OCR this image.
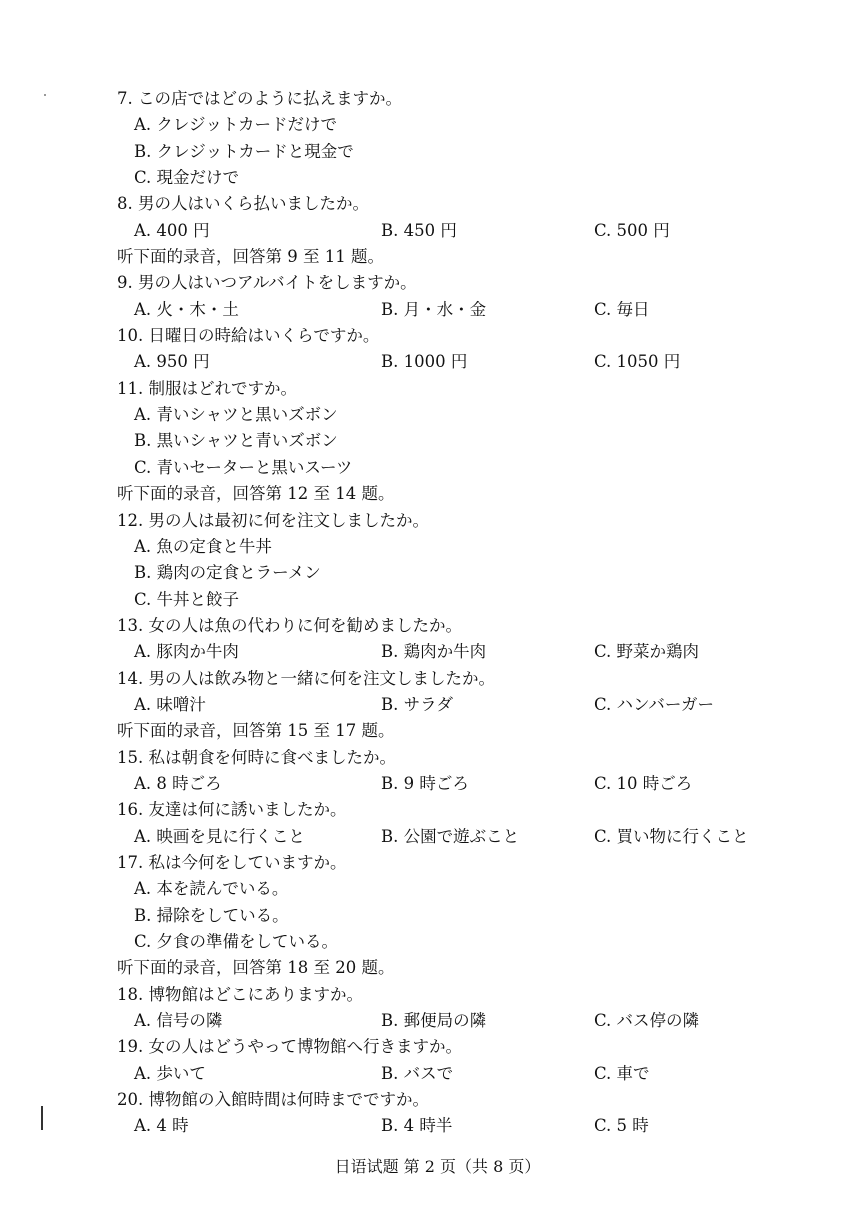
7. この店ではどのように払えますか。
A. クレジットカードだけで
B. クレジットカードと現金で
C. 現金だけで
8. 男の人はいくら払いましたか。
A. 400 円	B. 450 円	C. 500 円
听下面的录音，回答第 9 至 11 题。
9. 男の人はいつアルバイトをしますか。
A. 火・木・土	B. 月・水・金	C. 毎日
10. 日曜日の時給はいくらですか。
A. 950 円	B. 1000 円	C. 1050 円
11. 制服はどれですか。
A. 青いシャツと黒いズボン
B. 黒いシャツと青いズボン
C. 青いセーターと黒いスーツ
听下面的录音，回答第 12 至 14 题。
12. 男の人は最初に何を注文しましたか。
A. 魚の定食と牛丼
B. 鶏肉の定食とラーメン
C. 牛丼と餃子
13. 女の人は魚の代わりに何を勧めましたか。
A. 豚肉か牛肉	B. 鶏肉か牛肉	C. 野菜か鶏肉
14. 男の人は飲み物と一緒に何を注文しましたか。
A. 味噌汁	B. サラダ	C. ハンバーガー
听下面的录音，回答第 15 至 17 题。
15. 私は朝食を何時に食べましたか。
A. 8 時ごろ	B. 9 時ごろ	C. 10 時ごろ
16. 友達は何に誘いましたか。
A. 映画を見に行くこと	B. 公園で遊ぶこと	C. 買い物に行くこと
17. 私は今何をしていますか。
A. 本を読んでいる。
B. 掃除をしている。
C. 夕食の準備をしている。
听下面的录音，回答第 18 至 20 题。
18. 博物館はどこにありますか。
A. 信号の隣	B. 郵便局の隣	C. バス停の隣
19. 女の人はどうやって博物館へ行きますか。
A. 歩いて	B. バスで	C. 車で
20. 博物館の入館時間は何時までですか。
A. 4 時	B. 4 時半	C. 5 時
日语试题 第 2 页（共 8 页）
